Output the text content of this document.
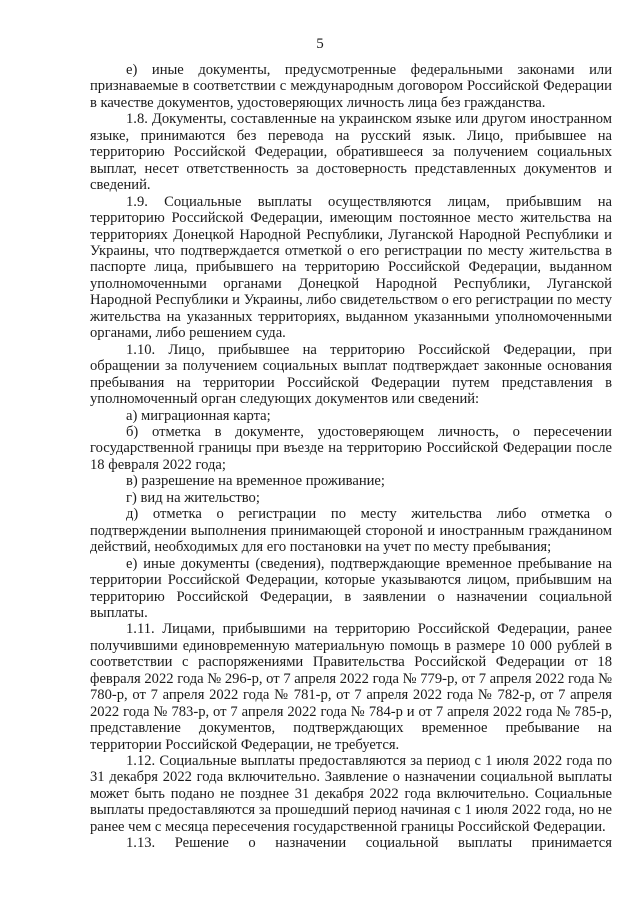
5

е) иные документы, предусмотренные федеральными законами или признаваемые в соответствии с международным договором Российской Федерации в качестве документов, удостоверяющих личность лица без гражданства.

1.8. Документы, составленные на украинском языке или другом иностранном языке, принимаются без перевода на русский язык. Лицо, прибывшее на территорию Российской Федерации, обратившееся за получением социальных выплат, несет ответственность за достоверность представленных документов и сведений.

1.9. Социальные выплаты осуществляются лицам, прибывшим на территорию Российской Федерации, имеющим постоянное место жительства на территориях Донецкой Народной Республики, Луганской Народной Республики и Украины, что подтверждается отметкой о его регистрации по месту жительства в паспорте лица, прибывшего на территорию Российской Федерации, выданном уполномоченными органами Донецкой Народной Республики, Луганской Народной Республики и Украины, либо свидетельством о его регистрации по месту жительства на указанных территориях, выданном указанными уполномоченными органами, либо решением суда.

1.10. Лицо, прибывшее на территорию Российской Федерации, при обращении за получением социальных выплат подтверждает законные основания пребывания на территории Российской Федерации путем представления в уполномоченный орган следующих документов или сведений:

а) миграционная карта;

б) отметка в документе, удостоверяющем личность, о пересечении государственной границы при въезде на территорию Российской Федерации после 18 февраля 2022 года;

в) разрешение на временное проживание;

г) вид на жительство;

д) отметка о регистрации по месту жительства либо отметка о подтверждении выполнения принимающей стороной и иностранным гражданином действий, необходимых для его постановки на учет по месту пребывания;

е) иные документы (сведения), подтверждающие временное пребывание на территории Российской Федерации, которые указываются лицом, прибывшим на территорию Российской Федерации, в заявлении о назначении социальной выплаты.

1.11. Лицами, прибывшими на территорию Российской Федерации, ранее получившими единовременную материальную помощь в размере 10 000 рублей в соответствии с распоряжениями Правительства Российской Федерации от 18 февраля 2022 года № 296-р, от 7 апреля 2022 года № 779-р, от 7 апреля 2022 года № 780-р, от 7 апреля 2022 года № 781-р, от 7 апреля 2022 года № 782-р, от 7 апреля 2022 года № 783-р, от 7 апреля 2022 года № 784-р и от 7 апреля 2022 года № 785-р, представление документов, подтверждающих временное пребывание на территории Российской Федерации, не требуется.

1.12. Социальные выплаты предоставляются за период с 1 июля 2022 года по 31 декабря 2022 года включительно. Заявление о назначении социальной выплаты может быть подано не позднее 31 декабря 2022 года включительно. Социальные выплаты предоставляются за прошедший период начиная с 1 июля 2022 года, но не ранее чем с месяца пересечения государственной границы Российской Федерации.

1.13. Решение о назначении социальной выплаты принимается
